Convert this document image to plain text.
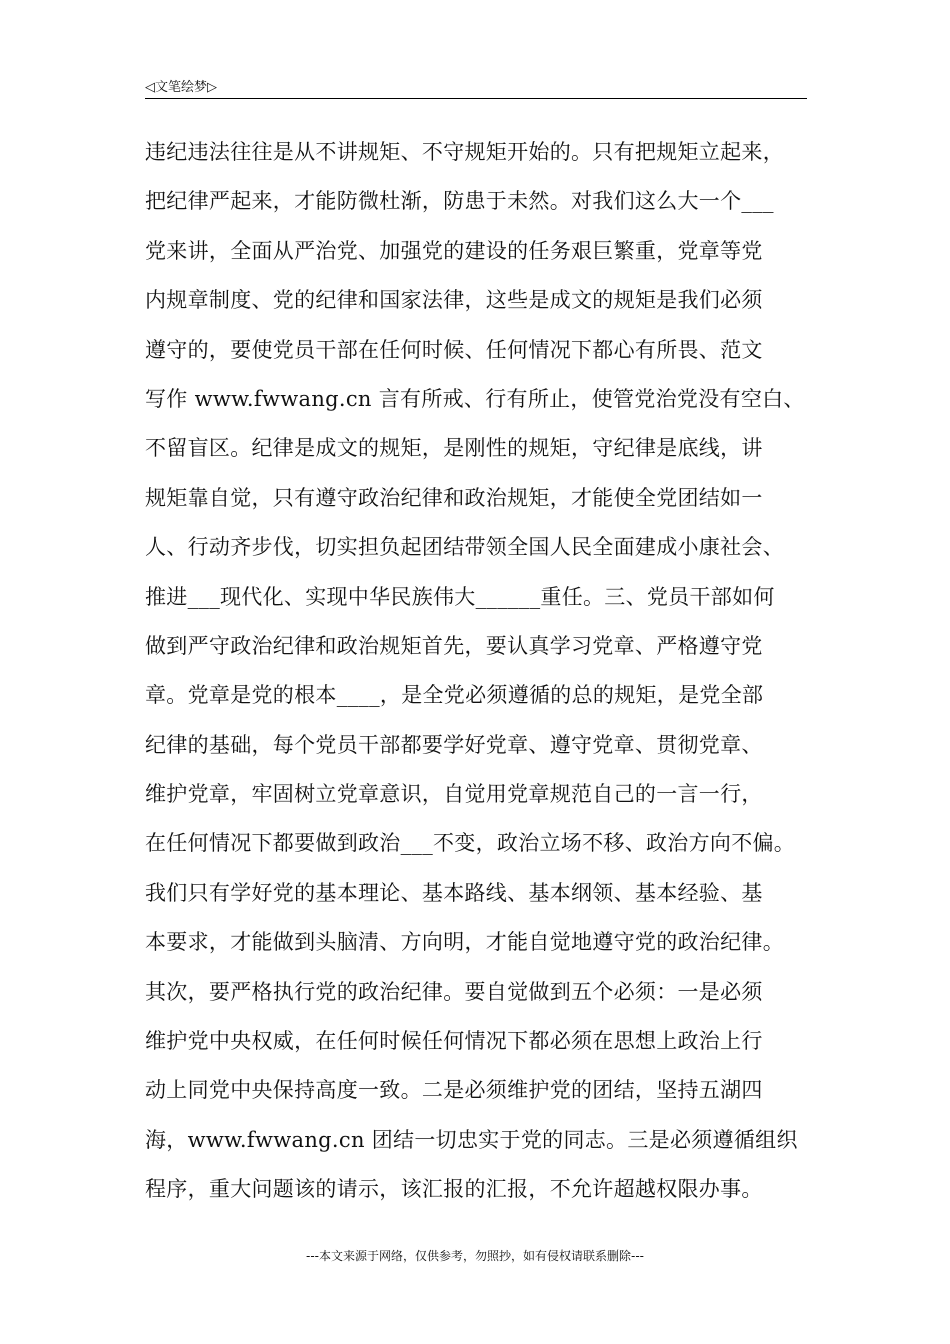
◁文笔绘梦▷
违纪违法往往是从不讲规矩、不守规矩开始的。只有把规矩立起来，
把纪律严起来，才能防微杜渐，防患于未然。对我们这么大一个___
党来讲，全面从严治党、加强党的建设的任务艰巨繁重，党章等党
内规章制度、党的纪律和国家法律，这些是成文的规矩是我们必须
遵守的，要使党员干部在任何时候、任何情况下都心有所畏、范文
写作 www.fwwang.cn 言有所戒、行有所止，使管党治党没有空白、
不留盲区。纪律是成文的规矩，是刚性的规矩，守纪律是底线，讲
规矩靠自觉，只有遵守政治纪律和政治规矩，才能使全党团结如一
人、行动齐步伐，切实担负起团结带领全国人民全面建成小康社会、
推进___现代化、实现中华民族伟大______重任。三、党员干部如何
做到严守政治纪律和政治规矩首先，要认真学习党章、严格遵守党
章。党章是党的根本____，是全党必须遵循的总的规矩，是党全部
纪律的基础，每个党员干部都要学好党章、遵守党章、贯彻党章、
维护党章，牢固树立党章意识，自觉用党章规范自己的一言一行，
在任何情况下都要做到政治___不变，政治立场不移、政治方向不偏。
我们只有学好党的基本理论、基本路线、基本纲领、基本经验、基
本要求，才能做到头脑清、方向明，才能自觉地遵守党的政治纪律。
其次，要严格执行党的政治纪律。要自觉做到五个必须：一是必须
维护党中央权威，在任何时候任何情况下都必须在思想上政治上行
动上同党中央保持高度一致。二是必须维护党的团结，坚持五湖四
海，www.fwwang.cn 团结一切忠实于党的同志。三是必须遵循组织
程序，重大问题该的请示，该汇报的汇报，不允许超越权限办事。
---本文来源于网络，仅供参考，勿照抄，如有侵权请联系删除---
